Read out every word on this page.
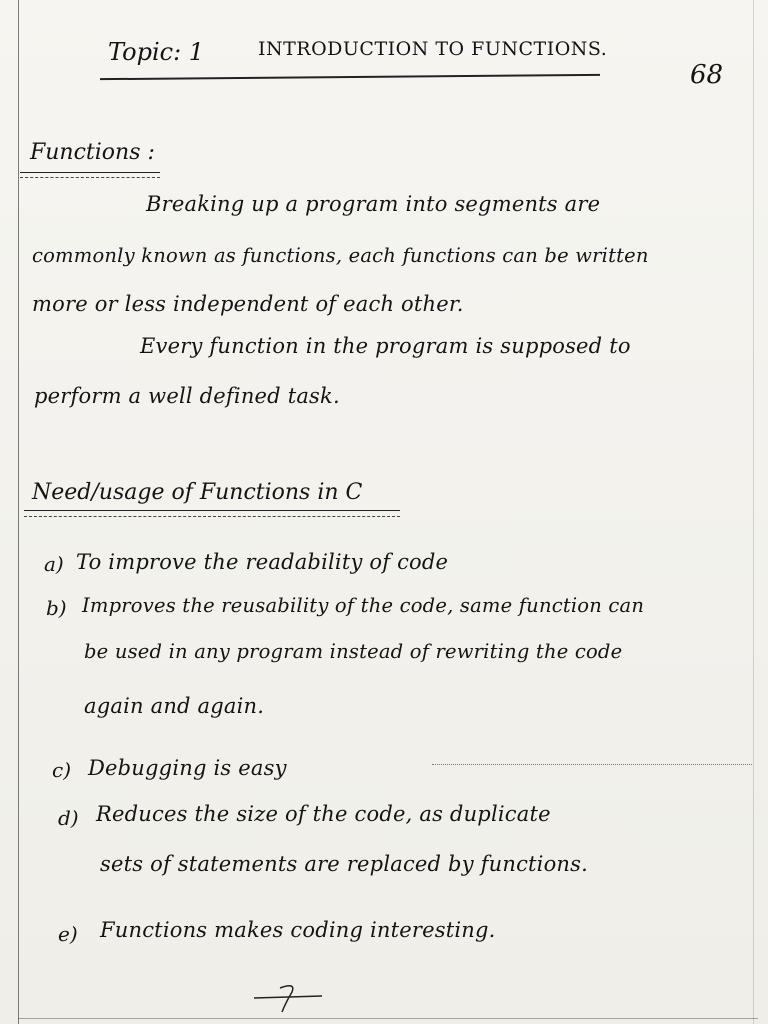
Topic: 1	INTRODUCTION TO FUNCTIONS.
68
Functions :
Breaking up a program into segments are
commonly known as functions, each functions can be written
more or less independent of each other.
Every function in the program is supposed to
perform a well defined task.
Need/usage of Functions in C
a) To improve the readability of code
b) Improves the reusability of the code, same function can
be used in any program instead of rewriting the code
again and again.
c) Debugging is easy
d) Reduces the size of the code, as duplicate
sets of statements are replaced by functions.
e) Functions makes coding interesting.
